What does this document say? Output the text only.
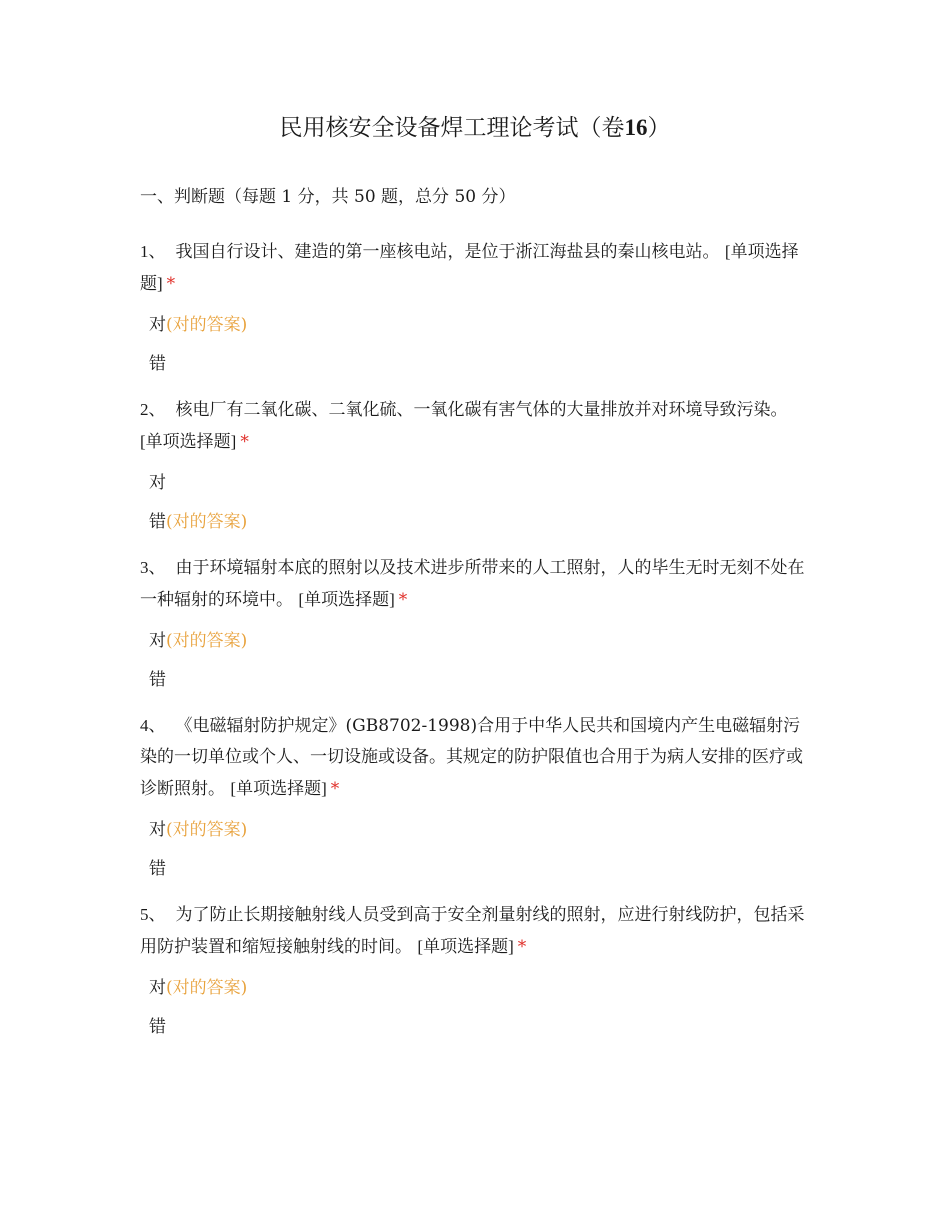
民用核安全设备焊工理论考试（卷16）

一、判断题（每题 1 分，共 50 题，总分 50 分）

1、 我国自行设计、建造的第一座核电站，是位于浙江海盐县的秦山核电站。 [单项选择题] *

对(对的答案)

错

2、 核电厂有二氧化碳、二氧化硫、一氧化碳有害气体的大量排放并对环境导致污染。 [单项选择题] *

对

错(对的答案)

3、 由于环境辐射本底的照射以及技术进步所带来的人工照射，人的毕生无时无刻不处在一种辐射的环境中。 [单项选择题] *

对(对的答案)

错

4、 《电磁辐射防护规定》(GB8702-1998)合用于中华人民共和国境内产生电磁辐射污染的一切单位或个人、一切设施或设备。其规定的防护限值也合用于为病人安排的医疗或诊断照射。 [单项选择题] *

对(对的答案)

错

5、 为了防止长期接触射线人员受到高于安全剂量射线的照射，应进行射线防护，包括采用防护装置和缩短接触射线的时间。 [单项选择题] *

对(对的答案)

错
